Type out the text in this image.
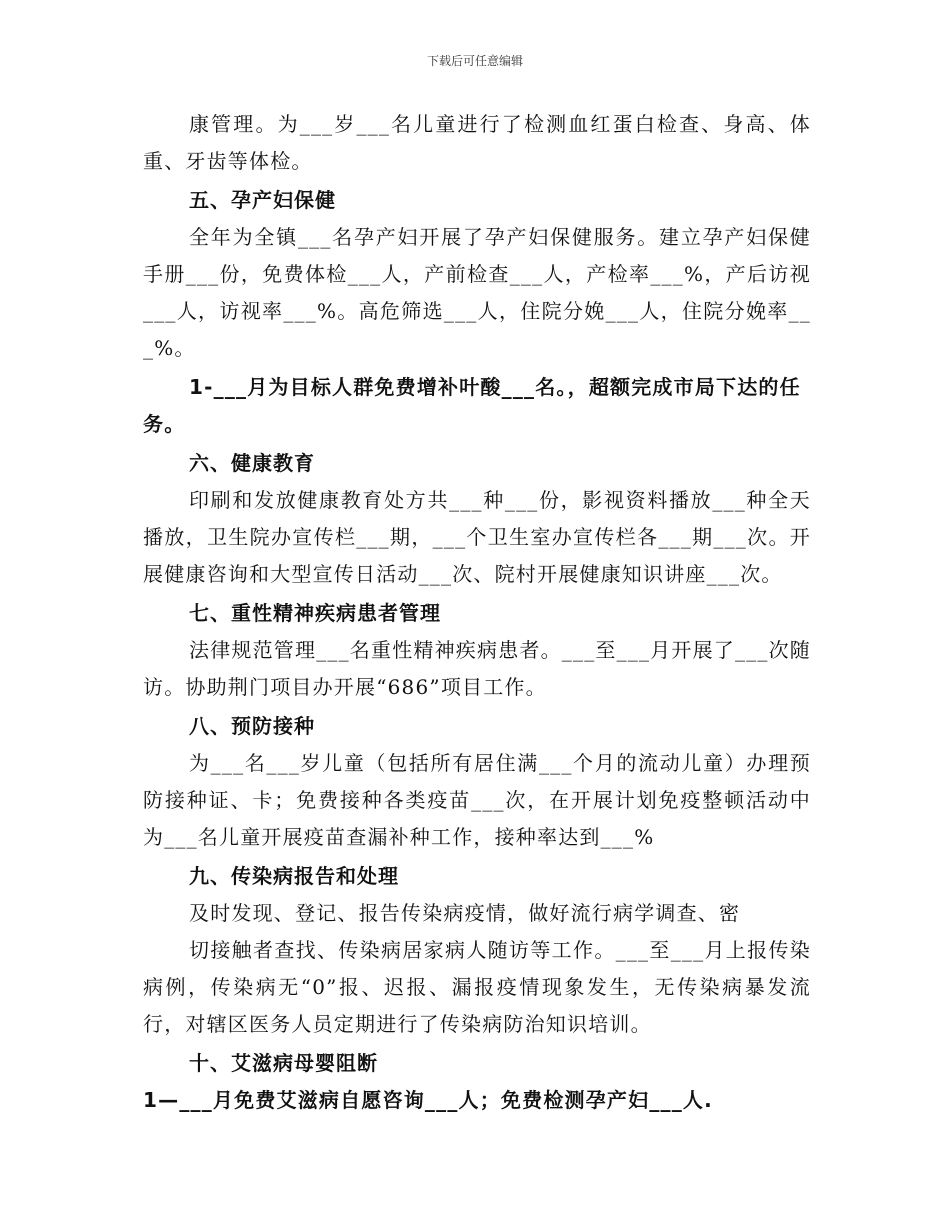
下载后可任意编辑

康管理。为___岁___名儿童进行了检测血红蛋白检查、身高、体重、牙齿等体检。

五、孕产妇保健

全年为全镇___名孕产妇开展了孕产妇保健服务。建立孕产妇保健手册___份，免费体检___人，产前检查___人，产检率___%，产后访视___人，访视率___%。高危筛选___人，住院分娩___人，住院分娩率___%。

1-___月为目标人群免费增补叶酸___名。，超额完成市局下达的任务。

六、健康教育

印刷和发放健康教育处方共___种___份，影视资料播放___种全天播放，卫生院办宣传栏___期，___个卫生室办宣传栏各___期___次。开展健康咨询和大型宣传日活动___次、院村开展健康知识讲座___次。

七、重性精神疾病患者管理

法律规范管理___名重性精神疾病患者。___至___月开展了___次随访。协助荆门项目办开展“686”项目工作。

八、预防接种

为___名___岁儿童（包括所有居住满___个月的流动儿童）办理预防接种证、卡；免费接种各类疫苗___次，在开展计划免疫整顿活动中为___名儿童开展疫苗查漏补种工作，接种率达到___%

九、传染病报告和处理

及时发现、登记、报告传染病疫情，做好流行病学调查、密

切接触者查找、传染病居家病人随访等工作。___至___月上报传染病例，传染病无“0”报、迟报、漏报疫情现象发生，无传染病暴发流行，对辖区医务人员定期进行了传染病防治知识培训。

十、艾滋病母婴阻断

1—___月免费艾滋病自愿咨询___人；免费检测孕产妇___人.
